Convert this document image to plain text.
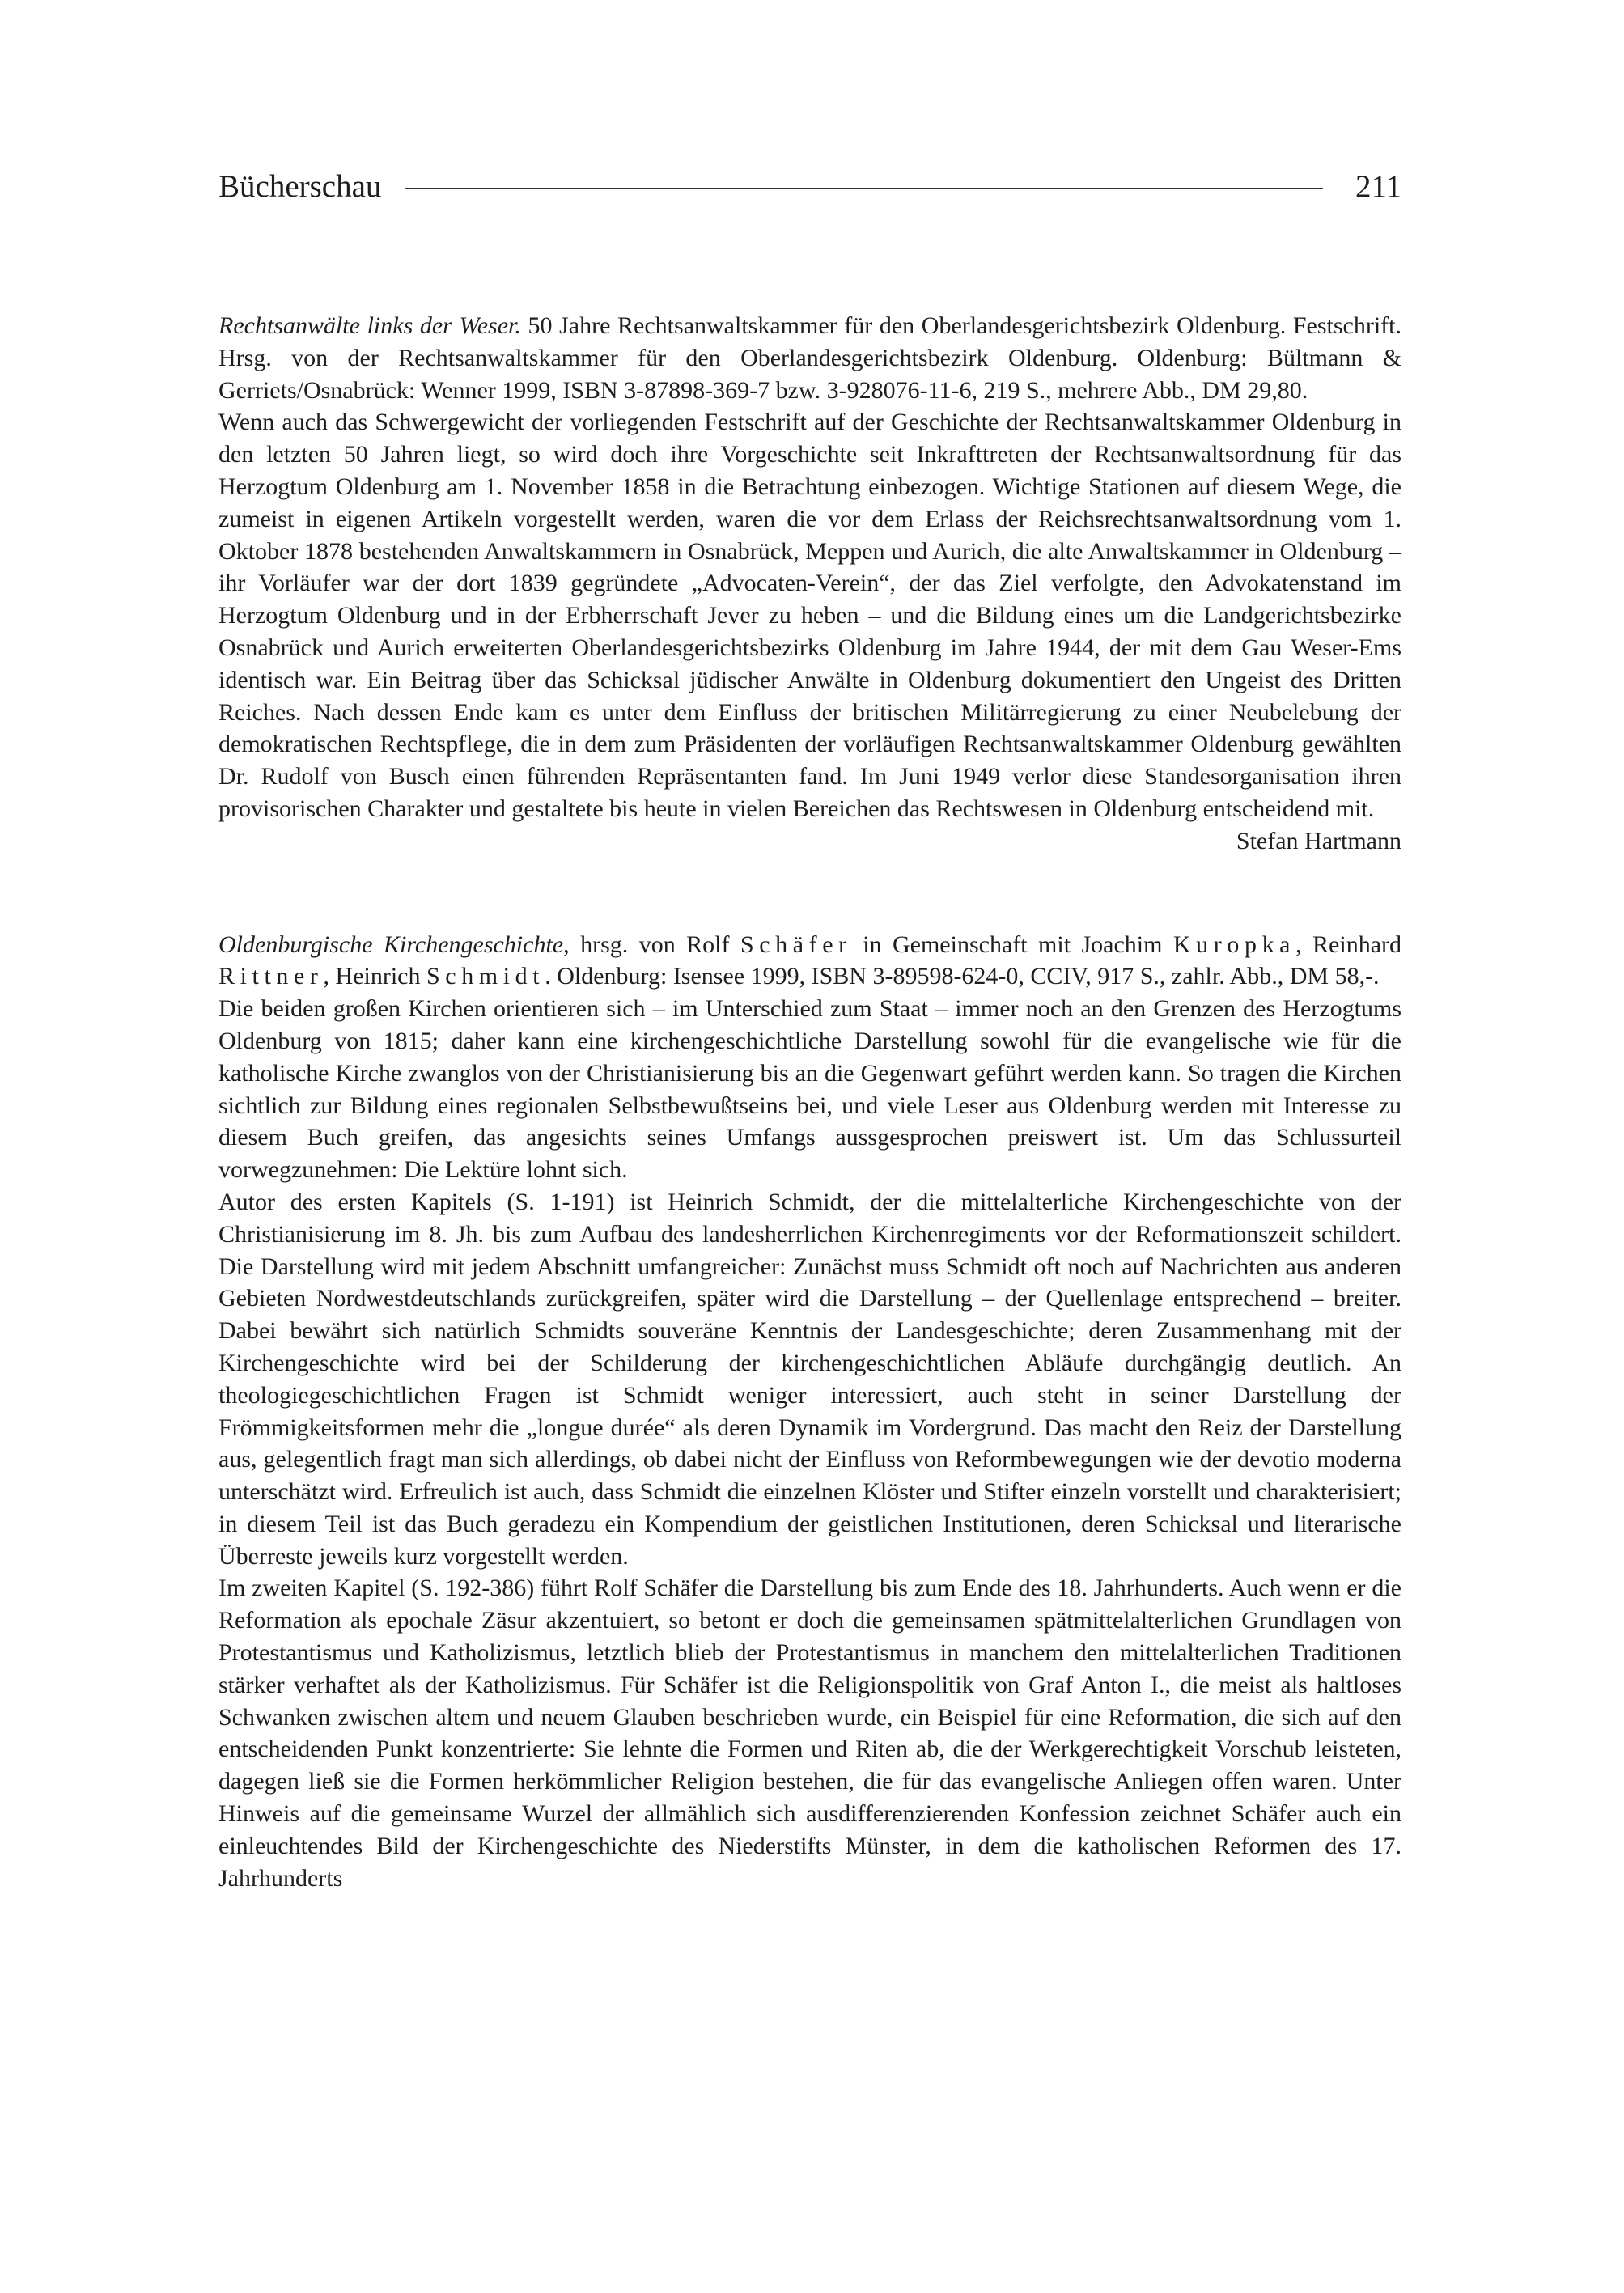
Bücherschau	211

Rechtsanwälte links der Weser. 50 Jahre Rechtsanwaltskammer für den Oberlandesgerichtsbezirk Oldenburg. Festschrift. Hrsg. von der Rechtsanwaltskammer für den Oberlandesgerichtsbezirk Oldenburg. Oldenburg: Bültmann & Gerriets/Osnabrück: Wenner 1999, ISBN 3-87898-369-7 bzw. 3-928076-11-6, 219 S., mehrere Abb., DM 29,80.

Wenn auch das Schwergewicht der vorliegenden Festschrift auf der Geschichte der Rechtsanwaltskammer Oldenburg in den letzten 50 Jahren liegt, so wird doch ihre Vorgeschichte seit Inkrafttreten der Rechtsanwaltsordnung für das Herzogtum Oldenburg am 1. November 1858 in die Betrachtung einbezogen. Wichtige Stationen auf diesem Wege, die zumeist in eigenen Artikeln vorgestellt werden, waren die vor dem Erlass der Reichsrechtsanwaltsordnung vom 1. Oktober 1878 bestehenden Anwaltskammern in Osnabrück, Meppen und Aurich, die alte Anwaltskammer in Oldenburg – ihr Vorläufer war der dort 1839 gegründete „Advocaten-Verein“, der das Ziel verfolgte, den Advokatenstand im Herzogtum Oldenburg und in der Erbherrschaft Jever zu heben – und die Bildung eines um die Landgerichtsbezirke Osnabrück und Aurich erweiterten Oberlandesgerichtsbezirks Oldenburg im Jahre 1944, der mit dem Gau Weser-Ems identisch war. Ein Beitrag über das Schicksal jüdischer Anwälte in Oldenburg dokumentiert den Ungeist des Dritten Reiches. Nach dessen Ende kam es unter dem Einfluss der britischen Militärregierung zu einer Neubelebung der demokratischen Rechtspflege, die in dem zum Präsidenten der vorläufigen Rechtsanwaltskammer Oldenburg gewählten Dr. Rudolf von Busch einen führenden Repräsentanten fand. Im Juni 1949 verlor diese Standesorganisation ihren provisorischen Charakter und gestaltete bis heute in vielen Bereichen das Rechtswesen in Oldenburg entscheidend mit.

Stefan Hartmann

Oldenburgische Kirchengeschichte, hrsg. von Rolf Schäfer in Gemeinschaft mit Joachim Kuropka, Reinhard Rittner, Heinrich Schmidt. Oldenburg: Isensee 1999, ISBN 3-89598-624-0, CCIV, 917 S., zahlr. Abb., DM 58,-.

Die beiden großen Kirchen orientieren sich – im Unterschied zum Staat – immer noch an den Grenzen des Herzogtums Oldenburg von 1815; daher kann eine kirchengeschichtliche Darstellung sowohl für die evangelische wie für die katholische Kirche zwanglos von der Christianisierung bis an die Gegenwart geführt werden kann. So tragen die Kirchen sichtlich zur Bildung eines regionalen Selbstbewußtseins bei, und viele Leser aus Oldenburg werden mit Interesse zu diesem Buch greifen, das angesichts seines Umfangs aussgesprochen preiswert ist. Um das Schlussurteil vorwegzunehmen: Die Lektüre lohnt sich.

Autor des ersten Kapitels (S. 1-191) ist Heinrich Schmidt, der die mittelalterliche Kirchengeschichte von der Christianisierung im 8. Jh. bis zum Aufbau des landesherrlichen Kirchenregiments vor der Reformationszeit schildert. Die Darstellung wird mit jedem Abschnitt umfangreicher: Zunächst muss Schmidt oft noch auf Nachrichten aus anderen Gebieten Nordwestdeutschlands zurückgreifen, später wird die Darstellung – der Quellenlage entsprechend – breiter. Dabei bewährt sich natürlich Schmidts souveräne Kenntnis der Landesgeschichte; deren Zusammenhang mit der Kirchengeschichte wird bei der Schilderung der kirchengeschichtlichen Abläufe durchgängig deutlich. An theologiegeschichtlichen Fragen ist Schmidt weniger interessiert, auch steht in seiner Darstellung der Frömmigkeitsformen mehr die „longue durée“ als deren Dynamik im Vordergrund. Das macht den Reiz der Darstellung aus, gelegentlich fragt man sich allerdings, ob dabei nicht der Einfluss von Reformbewegungen wie der devotio moderna unterschätzt wird. Erfreulich ist auch, dass Schmidt die einzelnen Klöster und Stifter einzeln vorstellt und charakterisiert; in diesem Teil ist das Buch geradezu ein Kompendium der geistlichen Institutionen, deren Schicksal und literarische Überreste jeweils kurz vorgestellt werden.

Im zweiten Kapitel (S. 192-386) führt Rolf Schäfer die Darstellung bis zum Ende des 18. Jahrhunderts. Auch wenn er die Reformation als epochale Zäsur akzentuiert, so betont er doch die gemeinsamen spätmittelalterlichen Grundlagen von Protestantismus und Katholizismus, letztlich blieb der Protestantismus in manchem den mittelalterlichen Traditionen stärker verhaftet als der Katholizismus. Für Schäfer ist die Religionspolitik von Graf Anton I., die meist als haltloses Schwanken zwischen altem und neuem Glauben beschrieben wurde, ein Beispiel für eine Reformation, die sich auf den entscheidenden Punkt konzentrierte: Sie lehnte die Formen und Riten ab, die der Werkgerechtigkeit Vorschub leisteten, dagegen ließ sie die Formen herkömmlicher Religion bestehen, die für das evangelische Anliegen offen waren. Unter Hinweis auf die gemeinsame Wurzel der allmählich sich ausdifferenzierenden Konfession zeichnet Schäfer auch ein einleuchtendes Bild der Kirchengeschichte des Niederstifts Münster, in dem die katholischen Reformen des 17. Jahrhunderts
